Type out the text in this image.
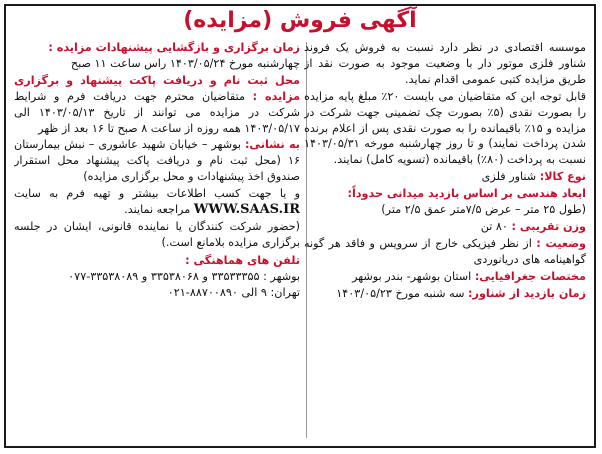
آگهی فروش (مزایده)

موسسه اقتصادی در نظر دارد نسبت به فروش یک فروند شناور فلزی موتور دار با وضعیت موجود به صورت نقد از طریق مزایده کتبی عمومی اقدام نماید.

قابل توجه این که متقاضیان می بایست ۲۰٪ مبلغ پایه مزایده را بصورت نقدی (۵٪ بصورت چک تضمینی جهت شرکت در مزایده و ۱۵٪ باقیمانده را به صورت نقدی پس از اعلام برنده شدن پرداخت نمایند) و تا روز چهارشنبه مورخه ۱۴۰۳/۰۵/۳۱ نسبت به پرداخت (۸۰٪) باقیمانده (تسویه کامل) نمایند.

نوع کالا: شناور فلزی

ابعاد هندسی بر اساس بازدید میدانی حدوداً:
(طول ۲۵ متر – عرض ۷/۵متر عمق ۲/۵ متر)

وزن تقریبی : ۸۰ تن

وضعیت : از نظر فیزیکی خارج از سرویس و فاقد هر گونه گواهینامه های دریانوردی

مختصات جغرافیایی: استان بوشهر- بندر بوشهر

زمان بازدید از شناور: سه شنبه مورخ ۱۴۰۳/۰۵/۲۳

زمان برگزاری و بازگشایی پیشنهادات مزایده :
چهارشنبه مورخ ۱۴۰۳/۰۵/۲۴ راس ساعت ۱۱ صبح

محل ثبت نام و دریافت پاکت پیشنهاد و برگزاری مزایده : متقاضیان محترم جهت دریافت فرم و شرایط شرکت در مزایده می توانند از تاریخ ۱۴۰۳/۰۵/۱۳ الی ۱۴۰۳/۰۵/۱۷ همه روزه از ساعت ۸ صبح تا ۱۶ بعد از ظهر

به نشانی: بوشهر – خیابان شهید عاشوری – نبش بیمارستان ۱۶ (محل ثبت نام و دریافت پاکت پیشنهاد محل استقرار صندوق اخذ پیشنهادات و محل برگزاری مزایده)

و یا جهت کسب اطلاعات بیشتر و تهیه فرم به سایت WWW.SAAS.IR مراجعه نمایند.

(حضور شرکت کنندگان یا نماینده قانونی، ایشان در جلسه برگزاری مزایده بلامانع است.)

تلفن های هماهنگی :

بوشهر : ۳۳۵۳۳۳۵۵ و ۳۳۵۳۸۰۶۸ و ۳۳۵۳۸۰۸۹-۰۷۷
تهران: ۹ الی ۸۸۷۰۰۸۹۰-۰۲۱
